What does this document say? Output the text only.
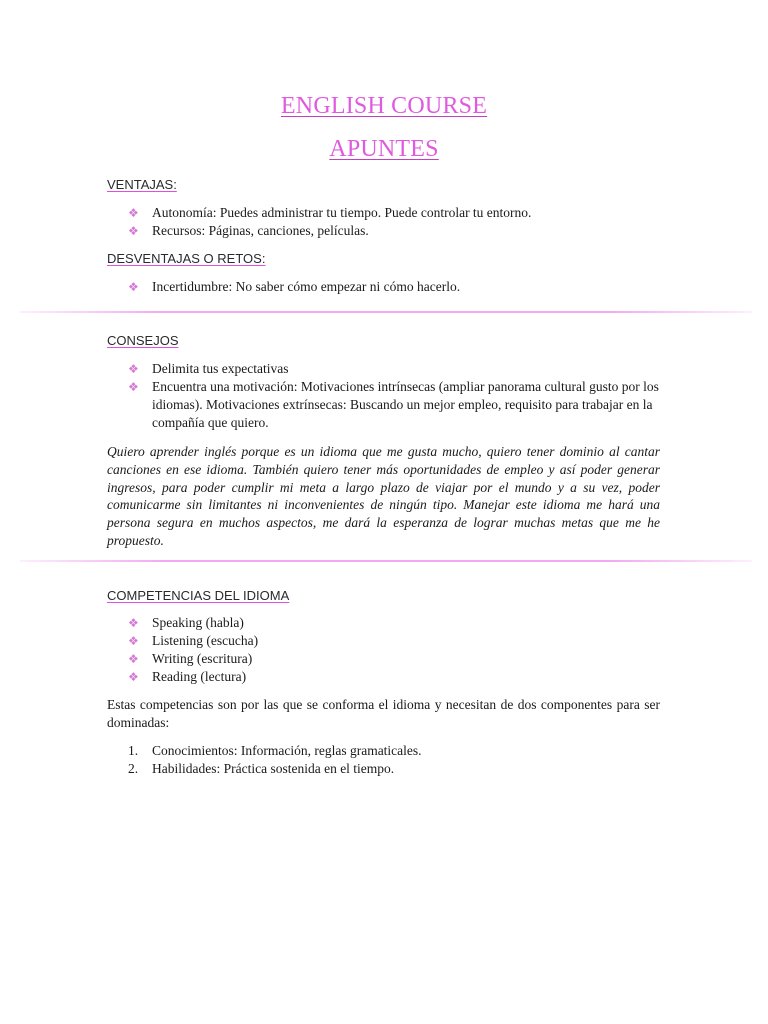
ENGLISH COURSE
APUNTES
VENTAJAS:
❖ Autonomía: Puedes administrar tu tiempo. Puede controlar tu entorno.
❖ Recursos: Páginas, canciones, películas.
DESVENTAJAS O RETOS:
❖ Incertidumbre: No saber cómo empezar ni cómo hacerlo.
CONSEJOS
❖ Delimita tus expectativas
❖ Encuentra una motivación: Motivaciones intrínsecas (ampliar panorama cultural gusto por los idiomas). Motivaciones extrínsecas: Buscando un mejor empleo, requisito para trabajar en la compañía que quiero.

Quiero aprender inglés porque es un idioma que me gusta mucho, quiero tener dominio al cantar canciones en ese idioma. También quiero tener más oportunidades de empleo y así poder generar ingresos, para poder cumplir mi meta a largo plazo de viajar por el mundo y a su vez, poder comunicarme sin limitantes ni inconvenientes de ningún tipo. Manejar este idioma me hará una persona segura en muchos aspectos, me dará la esperanza de lograr muchas metas que me he propuesto.

COMPETENCIAS DEL IDIOMA
❖ Speaking (habla)
❖ Listening (escucha)
❖ Writing (escritura)
❖ Reading (lectura)

Estas competencias son por las que se conforma el idioma y necesitan de dos componentes para ser dominadas:

1. Conocimientos: Información, reglas gramaticales.
2. Habilidades: Práctica sostenida en el tiempo.
